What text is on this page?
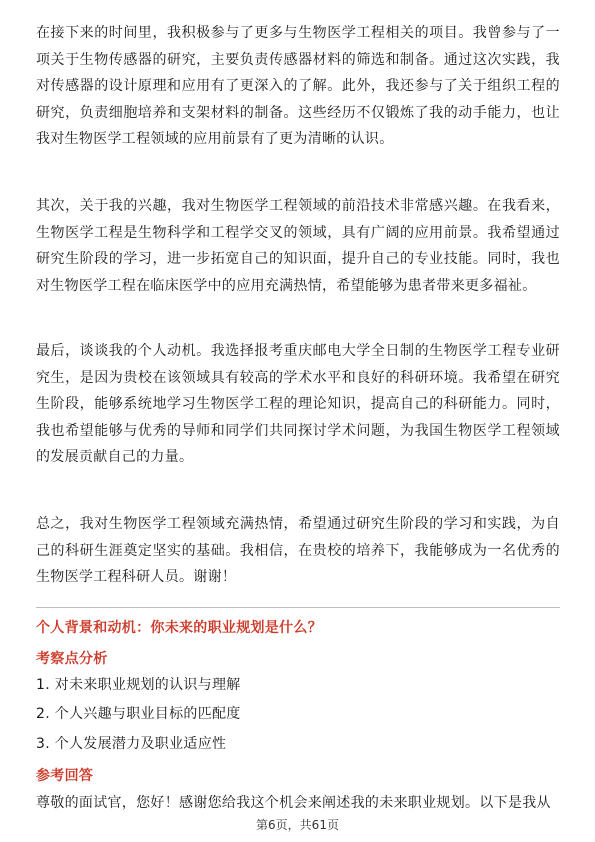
在接下来的时间里，我积极参与了更多与生物医学工程相关的项目。我曾参与了一项关于生物传感器的研究，主要负责传感器材料的筛选和制备。通过这次实践，我对传感器的设计原理和应用有了更深入的了解。此外，我还参与了关于组织工程的研究，负责细胞培养和支架材料的制备。这些经历不仅锻炼了我的动手能力，也让我对生物医学工程领域的应用前景有了更为清晰的认识。

其次，关于我的兴趣，我对生物医学工程领域的前沿技术非常感兴趣。在我看来，生物医学工程是生物科学和工程学交叉的领域，具有广阔的应用前景。我希望通过研究生阶段的学习，进一步拓宽自己的知识面，提升自己的专业技能。同时，我也对生物医学工程在临床医学中的应用充满热情，希望能够为患者带来更多福祉。

最后，谈谈我的个人动机。我选择报考重庆邮电大学全日制的生物医学工程专业研究生，是因为贵校在该领域具有较高的学术水平和良好的科研环境。我希望在研究生阶段，能够系统地学习生物医学工程的理论知识，提高自己的科研能力。同时，我也希望能够与优秀的导师和同学们共同探讨学术问题，为我国生物医学工程领域的发展贡献自己的力量。

总之，我对生物医学工程领域充满热情，希望通过研究生阶段的学习和实践，为自己的科研生涯奠定坚实的基础。我相信，在贵校的培养下，我能够成为一名优秀的生物医学工程科研人员。谢谢！

个人背景和动机：你未来的职业规划是什么？
考察点分析
1. 对未来职业规划的认识与理解
2. 个人兴趣与职业目标的匹配度
3. 个人发展潜力及职业适应性
参考回答
尊敬的面试官，您好！感谢您给我这个机会来阐述我的未来职业规划。以下是我从
第6页，共61页
